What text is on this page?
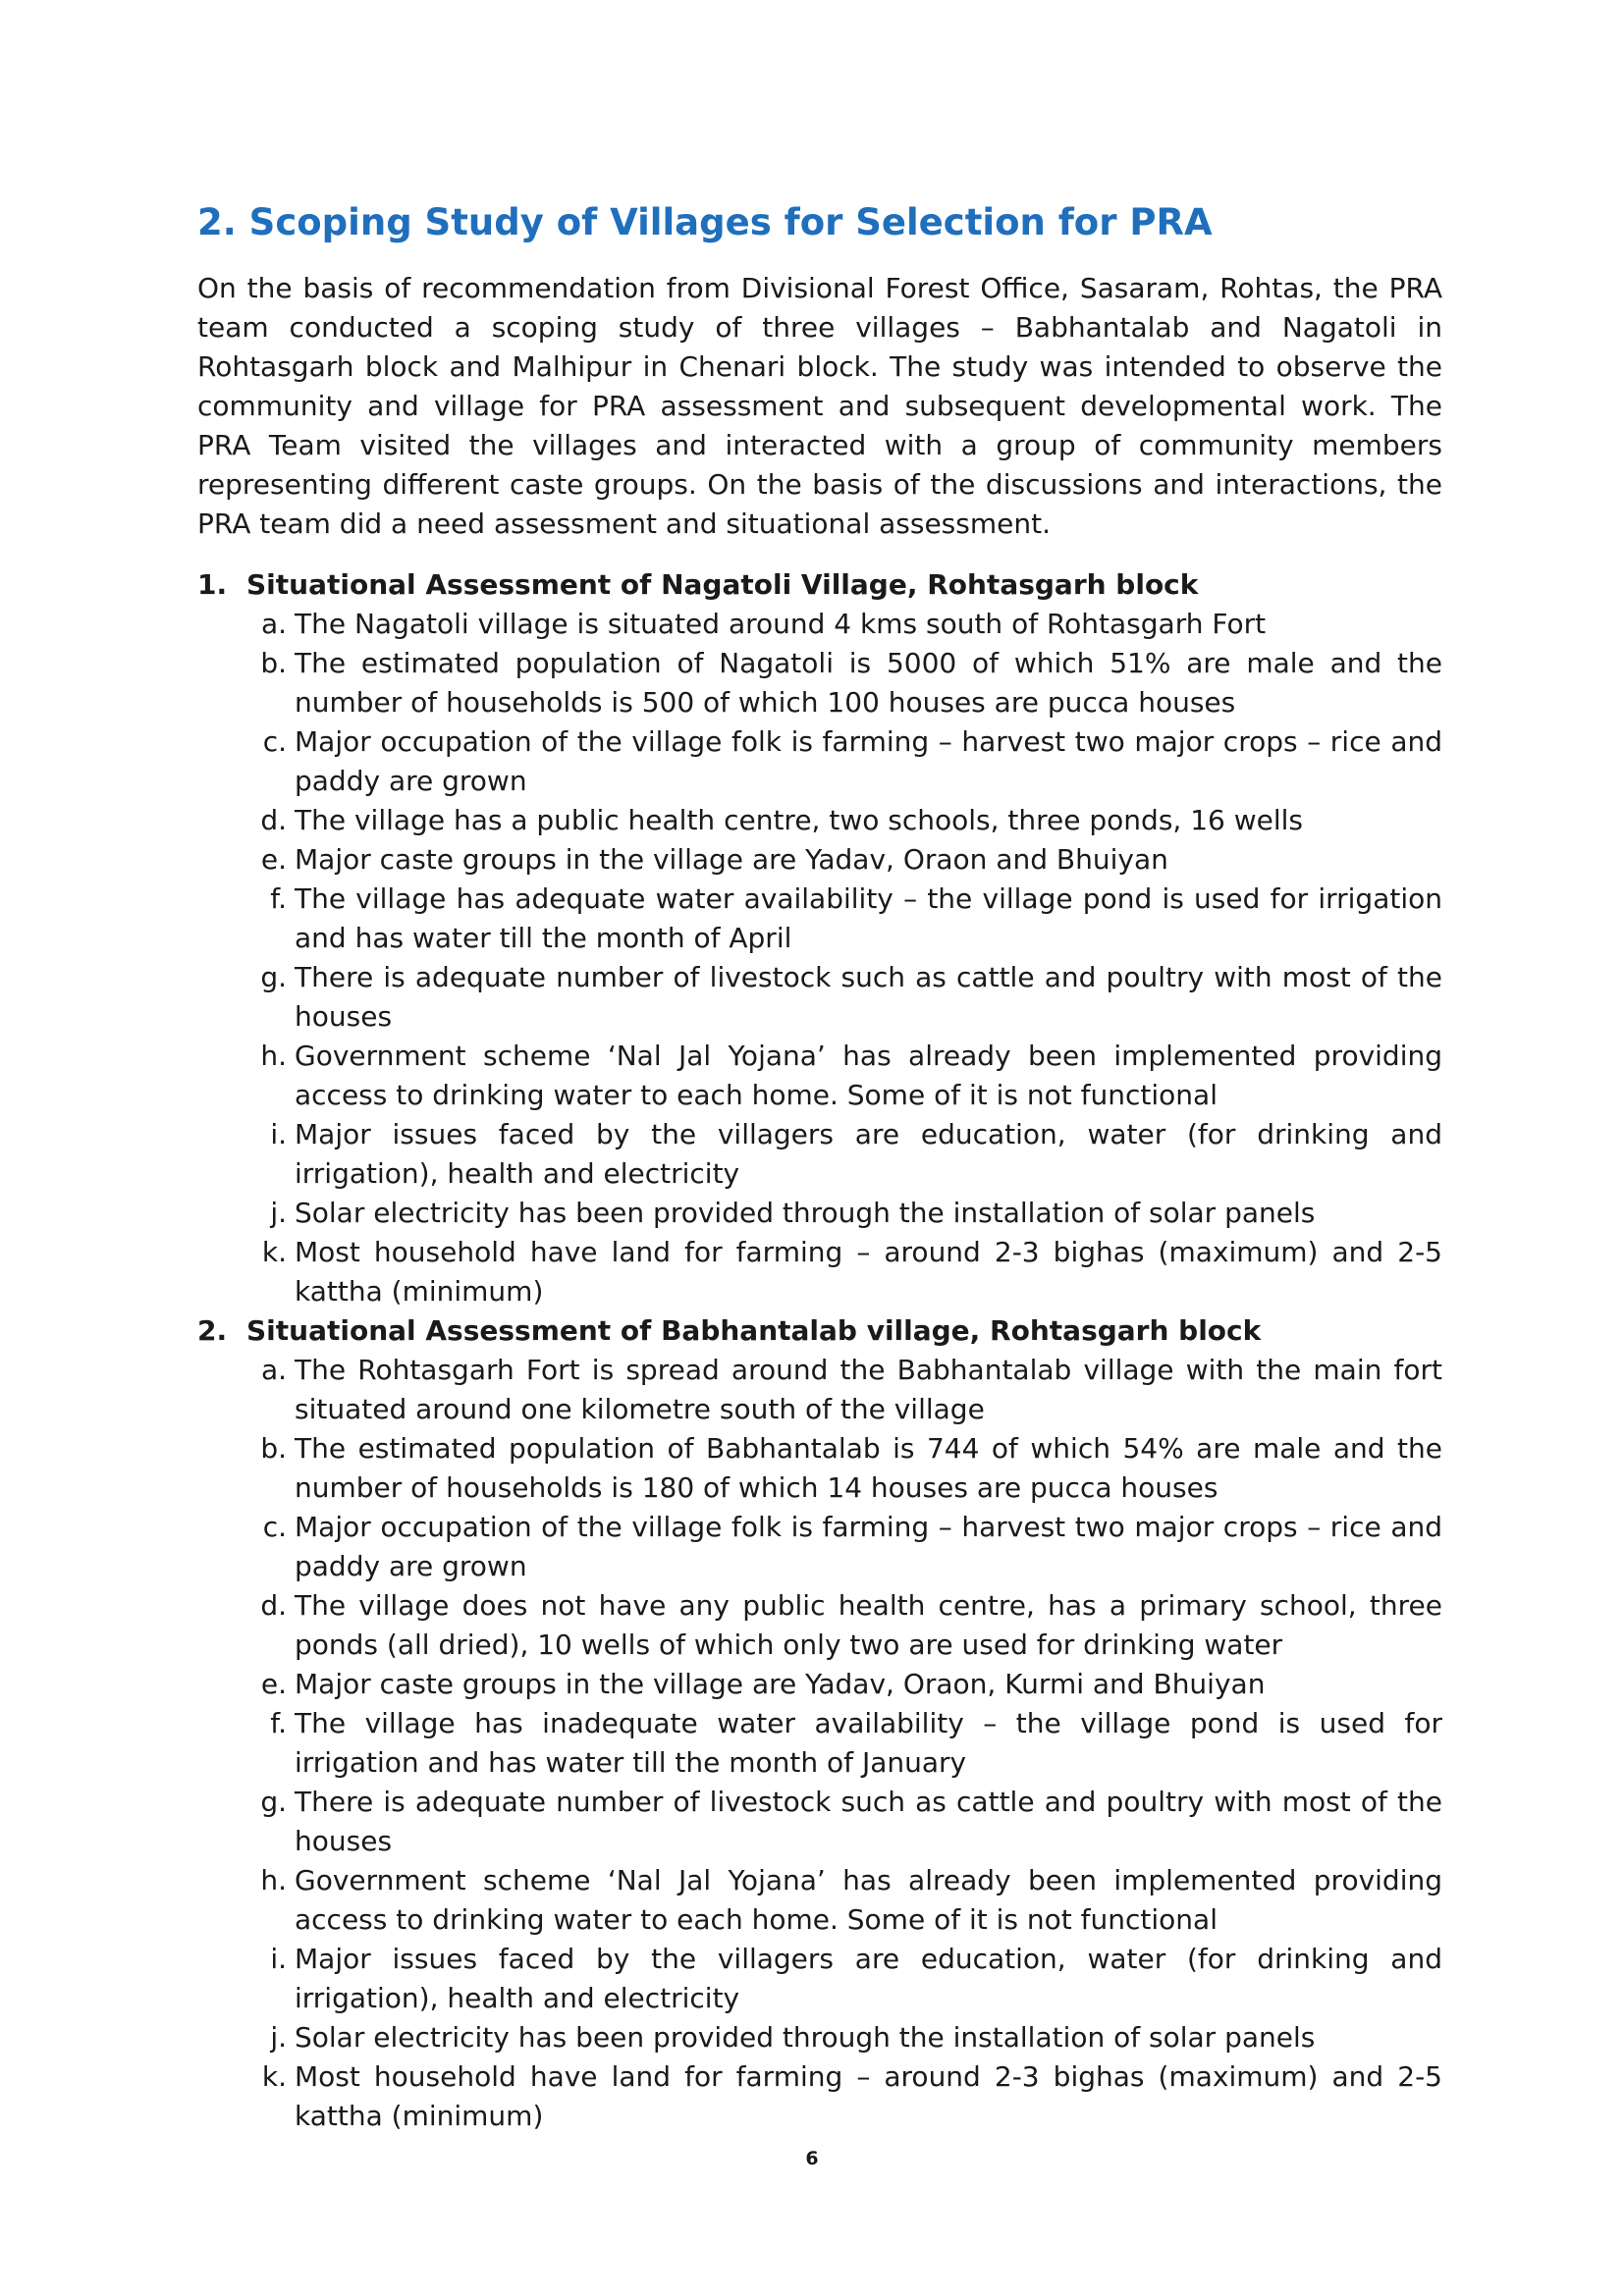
2. Scoping Study of Villages for Selection for PRA

On the basis of recommendation from Divisional Forest Office, Sasaram, Rohtas, the PRA team conducted a scoping study of three villages – Babhantalab and Nagatoli in Rohtasgarh block and Malhipur in Chenari block. The study was intended to observe the community and village for PRA assessment and subsequent developmental work. The PRA Team visited the villages and interacted with a group of community members representing different caste groups. On the basis of the discussions and interactions, the PRA team did a need assessment and situational assessment.

1. Situational Assessment of Nagatoli Village, Rohtasgarh block
a. The Nagatoli village is situated around 4 kms south of Rohtasgarh Fort
b. The estimated population of Nagatoli is 5000 of which 51% are male and the number of households is 500 of which 100 houses are pucca houses
c. Major occupation of the village folk is farming – harvest two major crops – rice and paddy are grown
d. The village has a public health centre, two schools, three ponds, 16 wells
e. Major caste groups in the village are Yadav, Oraon and Bhuiyan
f. The village has adequate water availability – the village pond is used for irrigation and has water till the month of April
g. There is adequate number of livestock such as cattle and poultry with most of the houses
h. Government scheme ‘Nal Jal Yojana’ has already been implemented providing access to drinking water to each home. Some of it is not functional
i. Major issues faced by the villagers are education, water (for drinking and irrigation), health and electricity
j. Solar electricity has been provided through the installation of solar panels
k. Most household have land for farming – around 2-3 bighas (maximum) and 2-5 kattha (minimum)
2. Situational Assessment of Babhantalab village, Rohtasgarh block
a. The Rohtasgarh Fort is spread around the Babhantalab village with the main fort situated around one kilometre south of the village
b. The estimated population of Babhantalab is 744 of which 54% are male and the number of households is 180 of which 14 houses are pucca houses
c. Major occupation of the village folk is farming – harvest two major crops – rice and paddy are grown
d. The village does not have any public health centre, has a primary school, three ponds (all dried), 10 wells of which only two are used for drinking water
e. Major caste groups in the village are Yadav, Oraon, Kurmi and Bhuiyan
f. The village has inadequate water availability – the village pond is used for irrigation and has water till the month of January
g. There is adequate number of livestock such as cattle and poultry with most of the houses
h. Government scheme ‘Nal Jal Yojana’ has already been implemented providing access to drinking water to each home. Some of it is not functional
i. Major issues faced by the villagers are education, water (for drinking and irrigation), health and electricity
j. Solar electricity has been provided through the installation of solar panels
k. Most household have land for farming – around 2-3 bighas (maximum) and 2-5 kattha (minimum)
6
